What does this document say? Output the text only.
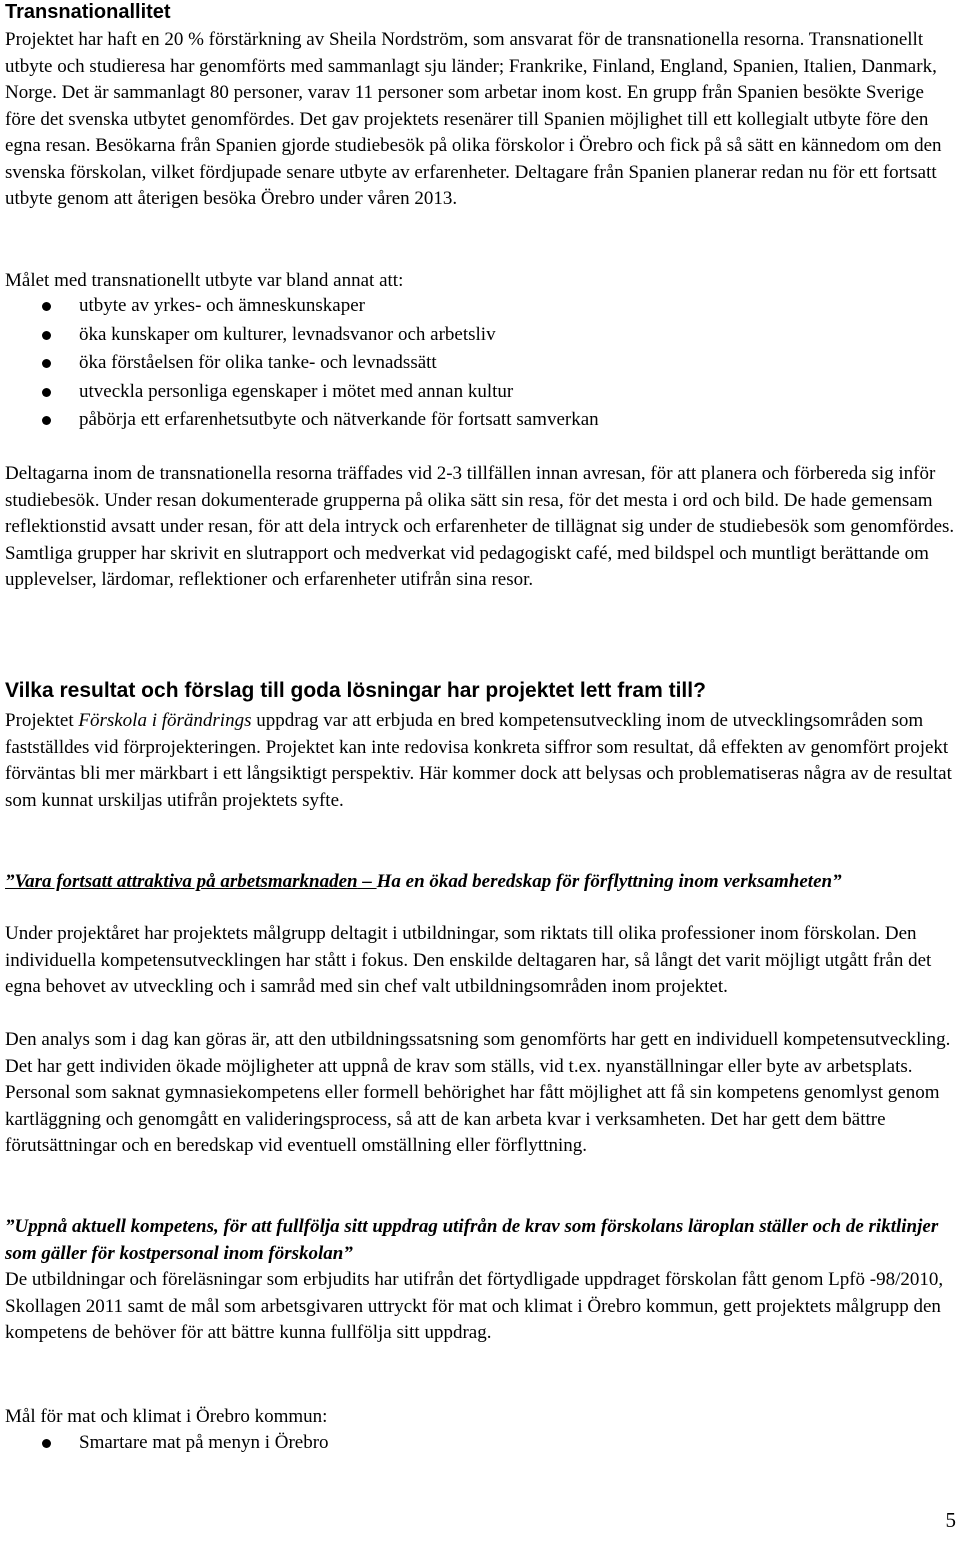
Transnationallitet

Projektet har haft en 20 % förstärkning av Sheila Nordström, som ansvarat för de transnationella resorna. Transnationellt utbyte och studieresa har genomförts med sammanlagt sju länder; Frankrike, Finland, England, Spanien, Italien, Danmark, Norge. Det är sammanlagt 80 personer, varav 11 personer som arbetar inom kost. En grupp från Spanien besökte Sverige före det svenska utbytet genomfördes. Det gav projektets resenärer till Spanien möjlighet till ett kollegialt utbyte före den egna resan. Besökarna från Spanien gjorde studiebesök på olika förskolor i Örebro och fick på så sätt en kännedom om den svenska förskolan, vilket fördjupade senare utbyte av erfarenheter. Deltagare från Spanien planerar redan nu för ett fortsatt utbyte genom att återigen besöka Örebro under våren 2013.

Målet med transnationellt utbyte var bland annat att:

utbyte av yrkes- och ämneskunskaper
öka kunskaper om kulturer, levnadsvanor och arbetsliv
öka förståelsen för olika tanke- och levnadssätt
utveckla personliga egenskaper i mötet med annan kultur
påbörja ett erfarenhetsutbyte och nätverkande för fortsatt samverkan

Deltagarna inom de transnationella resorna träffades vid 2-3 tillfällen innan avresan, för att planera och förbereda sig inför studiebesök. Under resan dokumenterade grupperna på olika sätt sin resa, för det mesta i ord och bild. De hade gemensam reflektionstid avsatt under resan, för att dela intryck och erfarenheter de tillägnat sig under de studiebesök som genomfördes. Samtliga grupper har skrivit en slutrapport och medverkat vid pedagogiskt café, med bildspel och muntligt berättande om upplevelser, lärdomar, reflektioner och erfarenheter utifrån sina resor.

Vilka resultat och förslag till goda lösningar har projektet lett fram till?

Projektet Förskola i förändrings uppdrag var att erbjuda en bred kompetensutveckling inom de utvecklingsområden som fastställdes vid förprojekteringen. Projektet kan inte redovisa konkreta siffror som resultat, då effekten av genomfört projekt förväntas bli mer märkbart i ett långsiktigt perspektiv. Här kommer dock att belysas och problematiseras några av de resultat som kunnat urskiljas utifrån projektets syfte.

”Vara fortsatt attraktiva på arbetsmarknaden – Ha en ökad beredskap för förflyttning inom verksamheten”

Under projektåret har projektets målgrupp deltagit i utbildningar, som riktats till olika professioner inom förskolan. Den individuella kompetensutvecklingen har stått i fokus. Den enskilde deltagaren har, så långt det varit möjligt utgått från det egna behovet av utveckling och i samråd med sin chef valt utbildningsområden inom projektet.

Den analys som i dag kan göras är, att den utbildningssatsning som genomförts har gett en individuell kompetensutveckling. Det har gett individen ökade möjligheter att uppnå de krav som ställs, vid t.ex. nyanställningar eller byte av arbetsplats. Personal som saknat gymnasiekompetens eller formell behörighet har fått möjlighet att få sin kompetens genomlyst genom kartläggning och genomgått en valideringsprocess, så att de kan arbeta kvar i verksamheten. Det har gett dem bättre förutsättningar och en beredskap vid eventuell omställning eller förflyttning.

”Uppnå aktuell kompetens, för att fullfölja sitt uppdrag utifrån de krav som förskolans läroplan ställer och de riktlinjer som gäller för kostpersonal inom förskolan”

De utbildningar och föreläsningar som erbjudits har utifrån det förtydligade uppdraget förskolan fått genom Lpfö -98/2010, Skollagen 2011 samt de mål som arbetsgivaren uttryckt för mat och klimat i Örebro kommun, gett projektets målgrupp den kompetens de behöver för att bättre kunna fullfölja sitt uppdrag.

Mål för mat och klimat i Örebro kommun:

Smartare mat på menyn i Örebro
5
